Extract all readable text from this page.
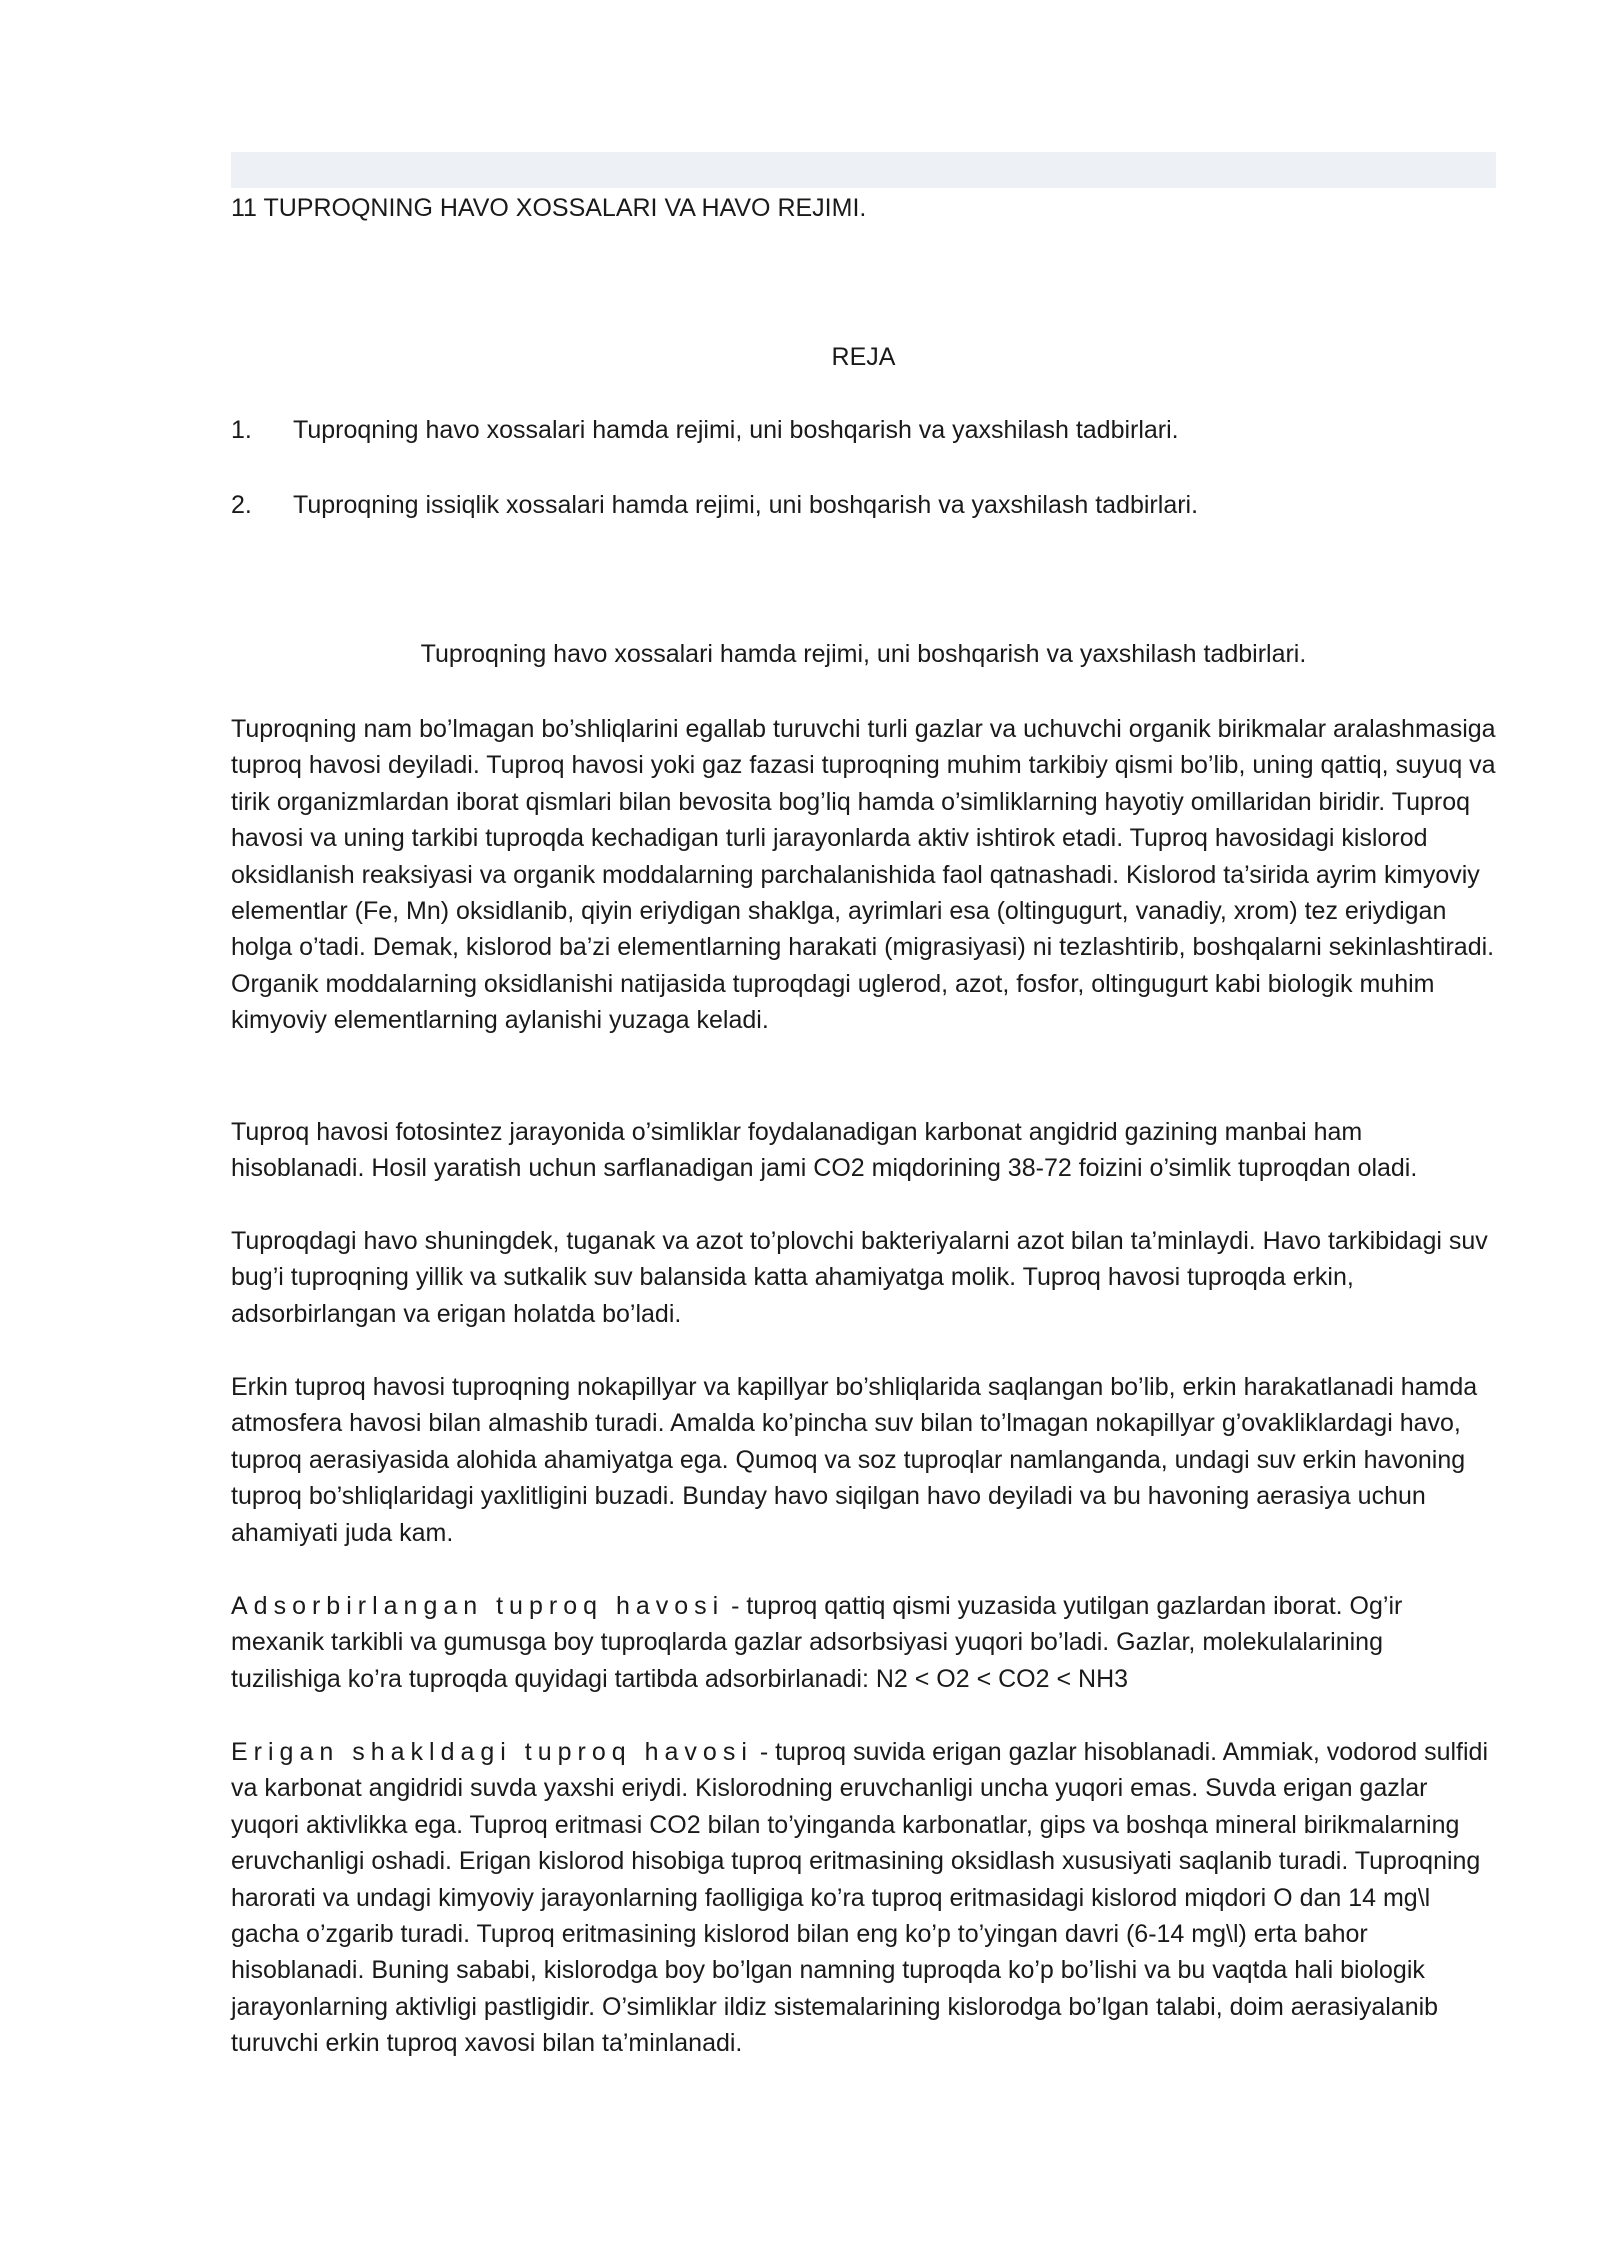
11 TUPROQNING HAVO XOSSALARI VA HAVO REJIMI.
REJA
1. Tuproqning havo xossalari hamda rejimi, uni boshqarish va yaxshilash tadbirlari.
2. Tuproqning issiqlik xossalari hamda rejimi, uni boshqarish va yaxshilash tadbirlari.
Tuproqning havo xossalari hamda rejimi, uni boshqarish va yaxshilash tadbirlari.

Tuproqning nam bo’lmagan bo’shliqlarini egallab turuvchi turli gazlar va uchuvchi organik birikmalar aralashmasiga tuproq havosi deyiladi. Tuproq havosi yoki gaz fazasi tuproqning muhim tarkibiy qismi bo’lib, uning qattiq, suyuq va tirik organizmlardan iborat qismlari bilan bevosita bog’liq hamda o’simliklarning hayotiy omillaridan biridir. Tuproq havosi va uning tarkibi tuproqda kechadigan turli jarayonlarda aktiv ishtirok etadi. Tuproq havosidagi kislorod oksidlanish reaksiyasi va organik moddalarning parchalanishida faol qatnashadi. Kislorod ta’sirida ayrim kimyoviy elementlar (Fe, Mn) oksidlanib, qiyin eriydigan shaklga, ayrimlari esa (oltingugurt, vanadiy, xrom) tez eriydigan holga o’tadi. Demak, kislorod ba’zi elementlarning harakati (migrasiyasi) ni tezlashtirib, boshqalarni sekinlashtiradi. Organik moddalarning oksidlanishi natijasida tuproqdagi uglerod, azot, fosfor, oltingugurt kabi biologik muhim kimyoviy elementlarning aylanishi yuzaga keladi.

Tuproq havosi fotosintez jarayonida o’simliklar foydalanadigan karbonat angidrid gazining manbai ham hisoblanadi. Hosil yaratish uchun sarflanadigan jami CO2 miqdorining 38-72 foizini o’simlik tuproqdan oladi.

Tuproqdagi havo shuningdek, tuganak va azot to’plovchi bakteriyalarni azot bilan ta’minlaydi. Havo tarkibidagi suv bug’i tuproqning yillik va sutkalik suv balansida katta ahamiyatga molik. Tuproq havosi tuproqda erkin, adsorbirlangan va erigan holatda bo’ladi.

Erkin tuproq havosi tuproqning nokapillyar va kapillyar bo’shliqlarida saqlangan bo’lib, erkin harakatlanadi hamda atmosfera havosi bilan almashib turadi. Amalda ko’pincha suv bilan to’lmagan nokapillyar g’ovakliklardagi havo, tuproq aerasiyasida alohida ahamiyatga ega. Qumoq va soz tuproqlar namlanganda, undagi suv erkin havoning tuproq bo’shliqlaridagi yaxlitligini buzadi. Bunday havo siqilgan havo deyiladi va bu havoning aerasiya uchun ahamiyati juda kam.

Adsorbirlangan tuproq havosi - tuproq qattiq qismi yuzasida yutilgan gazlardan iborat. Og’ir mexanik tarkibli va gumusga boy tuproqlarda gazlar adsorbsiyasi yuqori bo’ladi. Gazlar, molekulalarining tuzilishiga ko’ra tuproqda quyidagi tartibda adsorbirlanadi: N2 < O2 < CO2 < NH3

Erigan shakldagi tuproq havosi - tuproq suvida erigan gazlar hisoblanadi. Ammiak, vodorod sulfidi va karbonat angidridi suvda yaxshi eriydi. Kislorodning eruvchanligi uncha yuqori emas. Suvda erigan gazlar yuqori aktivlikka ega. Tuproq eritmasi CO2 bilan to’yinganda karbonatlar, gips va boshqa mineral birikmalarning eruvchanligi oshadi. Erigan kislorod hisobiga tuproq eritmasining oksidlash xususiyati saqlanib turadi. Tuproqning harorati va undagi kimyoviy jarayonlarning faolligiga ko’ra tuproq eritmasidagi kislorod miqdori O dan 14 mg\l gacha o’zgarib turadi. Tuproq eritmasining kislorod bilan eng ko’p to’yingan davri (6-14 mg\l) erta bahor hisoblanadi. Buning sababi, kislorodga boy bo’lgan namning tuproqda ko’p bo’lishi va bu vaqtda hali biologik jarayonlarning aktivligi pastligidir. O’simliklar ildiz sistemalarining kislorodga bo’lgan talabi, doim aerasiyalanib turuvchi erkin tuproq xavosi bilan ta’minlanadi.
